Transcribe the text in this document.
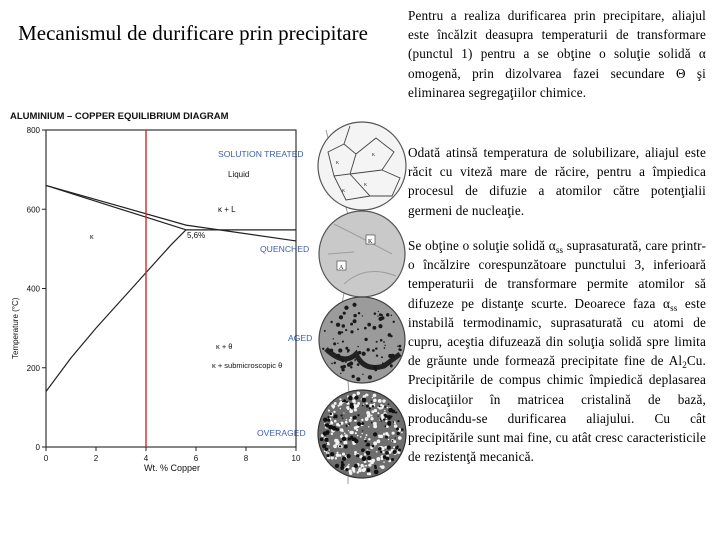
Mecanismul de durificare prin precipitare
Pentru a realiza durificarea prin precipitare, aliajul este încălzit deasupra temperaturii de transformare (punctul 1) pentru a se obţine o soluţie solidă α omogenă, prin dizolvarea fazei secundare Θ şi eliminarea segregaţiilor chimice.
Odată atinsă temperatura de solubilizare, aliajul este răcit cu viteză mare de răcire, pentru a împiedica procesul de difuzie a atomilor către potenţialii germeni de nucleaţie.
Se obţine o soluţie solidă $\alpha_{ss}$ suprasaturată, care printr-o încălzire corespunzătoare punctului 3, inferioară temperaturii de transformare permite atomilor să difuzeze pe distanţe scurte. Deoarece faza $\alpha_{ss}$ este instabilă termodinamic, suprasaturată cu atomi de cupru, aceştia difuzează din soluţia solidă spre limita de grăunte unde formează precipitate fine de $Al_2Cu$. Precipitările de compus chimic împiedică deplasarea dislocaţiilor în matricea cristalină de bază, producându-se durificarea aliajului. Cu cât precipitările sunt mai fine, cu atât cresc caracteristicile de rezistenţă mecanică.
ALUMINIUM – COPPER EQUILIBRIUM DIAGRAM
κ
κ
κ
κ
K
A
SOLUTION TREATED
QUENCHED
AGED
OVERAGED
Temperature (°C)
Wt. % Copper
Liquid
κ + L
κ	5,6%
κ + θ
κ + submicroscopic θ
0
200
400
600
800
0	2	4	6	8	10
